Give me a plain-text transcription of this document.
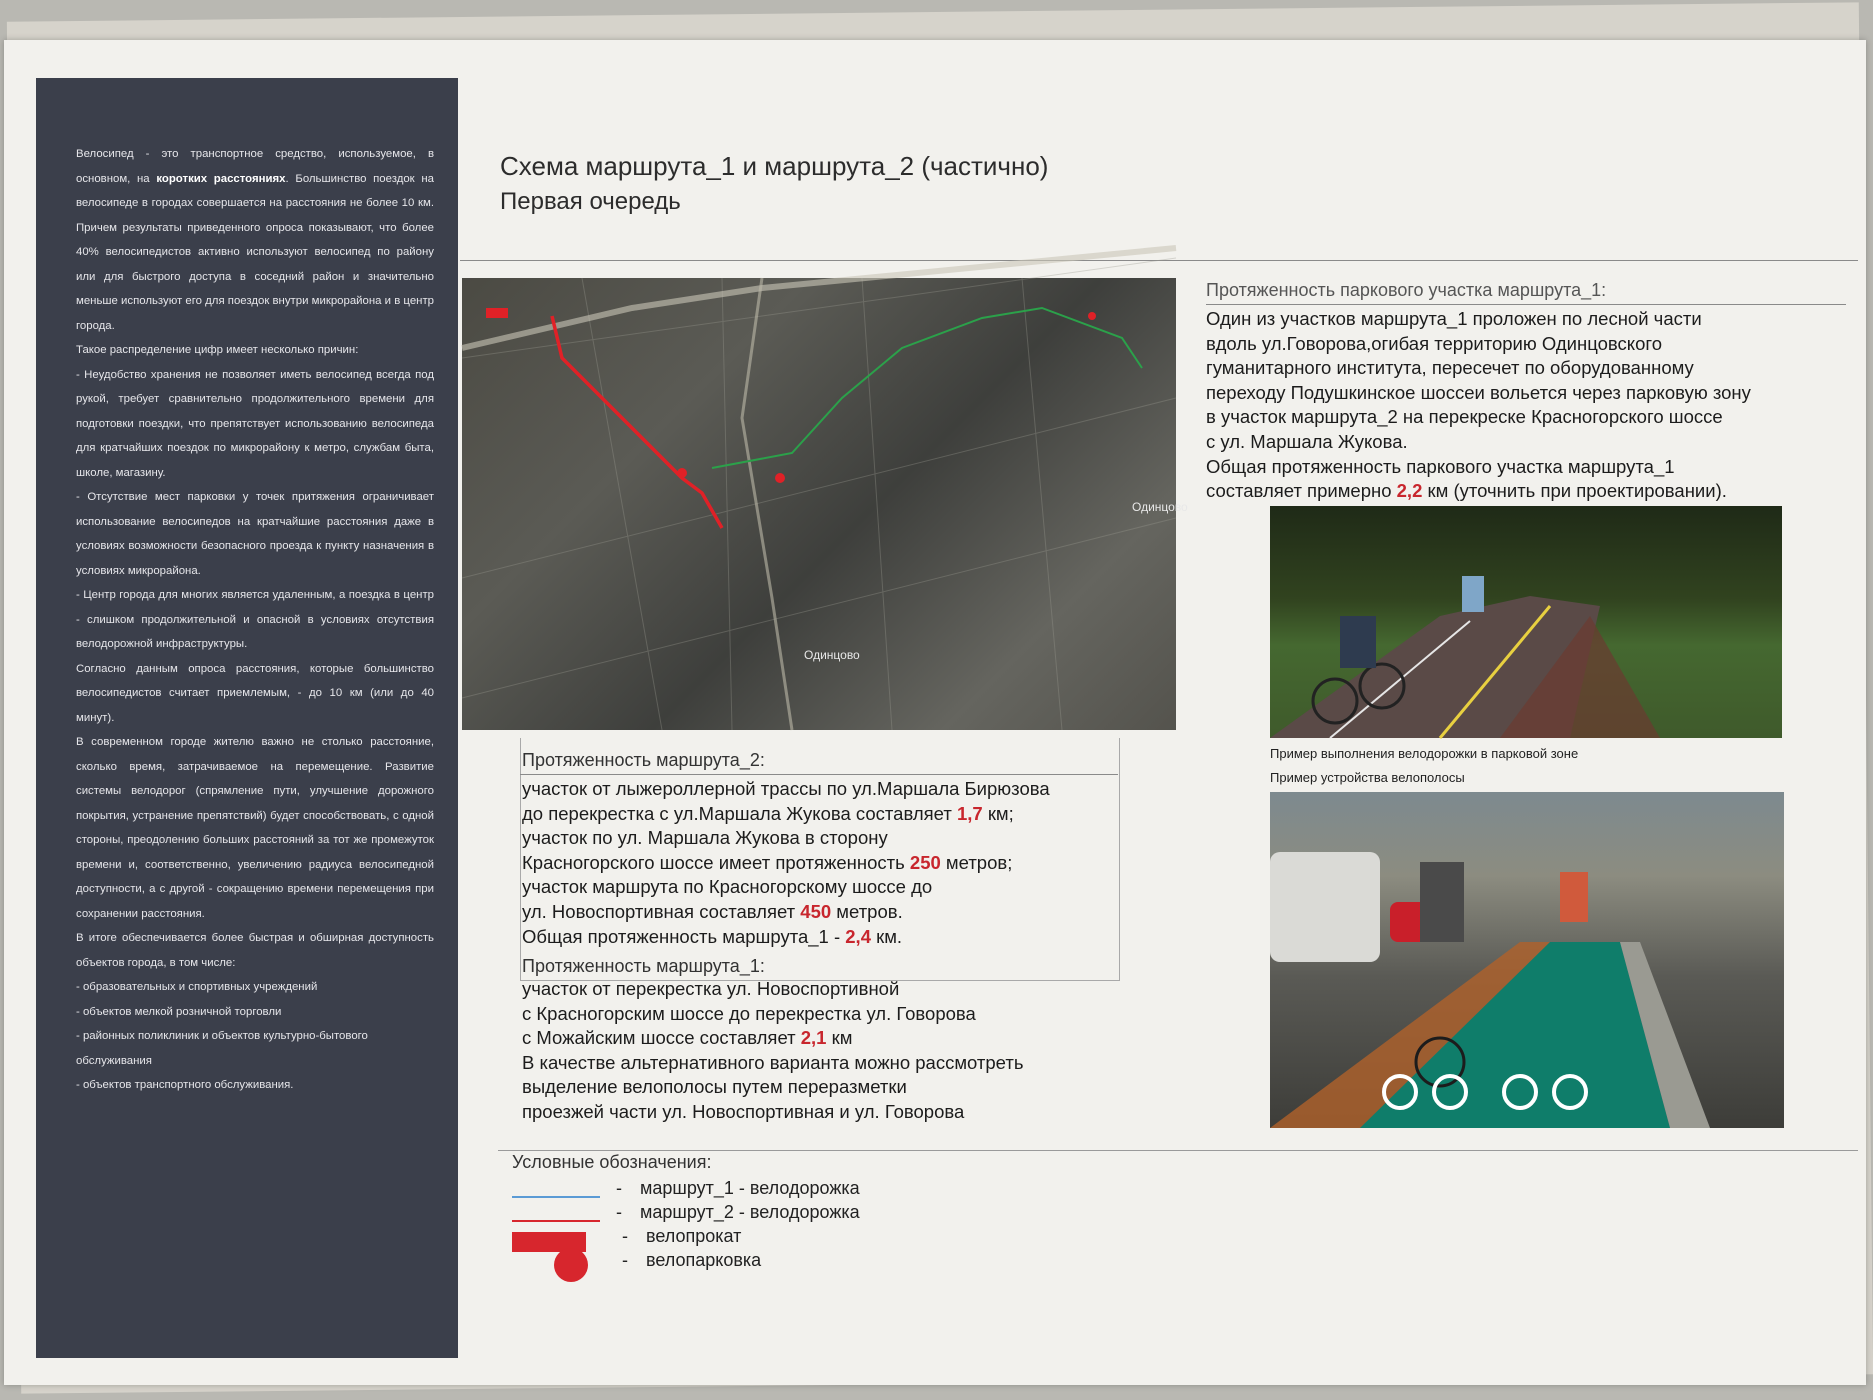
Велосипед - это транспортное средство, используемое, в основном, на коротких расстояниях. Большинство поездок на велосипеде в городах совершается на расстояния не более 10 км. Причем результаты приведенного опроса показывают, что более 40% велосипедистов активно используют велосипед по району или для быстрого доступа в соседний район и значительно меньше используют его для поездок внутри микрорайона и в центр города.

Такое распределение цифр имеет несколько причин:

- Неудобство хранения не позволяет иметь велосипед всегда под рукой, требует сравнительно продолжительного времени для подготовки поездки, что препятствует использованию велосипеда для кратчайших поездок по микрорайону к метро, службам быта, школе, магазину.

- Отсутствие мест парковки у точек притяжения ограничивает использование велосипедов на кратчайшие расстояния даже в условиях возможности безопасного проезда к пункту назначения в условиях микрорайона.

- Центр города для многих является удаленным, а поездка в центр - слишком продолжительной и опасной в условиях отсутствия велодорожной инфраструктуры.

Согласно данным опроса расстояния, которые большинство велосипедистов считает приемлемым, - до 10 км (или до 40 минут).

В современном городе жителю важно не столько расстояние, сколько время, затрачиваемое на перемещение. Развитие системы велодорог (спрямление пути, улучшение дорожного покрытия, устранение препятствий) будет способствовать, с одной стороны, преодолению больших расстояний за тот же промежуток времени и, соответственно, увеличению радиуса велосипедной доступности, а с другой - сокращению времени перемещения при сохранении расстояния.

В итоге обеспечивается более быстрая и обширная доступность объектов города, в том числе:

- образовательных и спортивных учреждений

- объектов мелкой розничной торговли

- районных поликлиник и объектов культурно-бытового обслуживания

- объектов транспортного обслуживания.

Схема маршрута_1 и маршрута_2 (частично)
Первая очередь
Одинцово
Одинцово
Протяженность маршрута_2:

участок от лыжероллерной трассы по ул.Маршала Бирюзова

до перекрестка с ул.Маршала Жукова составляет 1,7 км;

участок по ул. Маршала Жукова в сторону

Красногорского шоссе имеет протяженность 250 метров;

участок маршрута по Красногорскому шоссе до

ул. Новоспортивная составляет 450 метров.

Общая протяженность маршрута_1 - 2,4 км.

Протяженность маршрута_1:

участок от перекрестка ул. Новоспортивной

с Красногорским шоссе до перекрестка ул. Говорова

с Можайским шоссе составляет 2,1 км

В качестве альтернативного варианта можно рассмотреть

выделение велополосы путем переразметки

проезжей части ул. Новоспортивная и ул. Говорова

Протяженность паркового участка маршрута_1:

Один из участков маршрута_1 проложен по лесной части

вдоль ул.Говорова,огибая территорию Одинцовского

гуманитарного института, пересечет по оборудованному

переходу Подушкинское шоссеи вольется через парковую зону

в участок маршрута_2 на перекреске Красногорского шоссе

с ул. Маршала Жукова.

Общая протяженность паркового участка маршрута_1

составляет примерно 2,2 км (уточнить при проектировании).

Пример выполнения велодорожки в парковой зоне
Пример устройства велополосы
Условные обозначения:
- маршрут_1 - велодорожка
- маршрут_2 - велодорожка
- велопрокат
- велопарковка
